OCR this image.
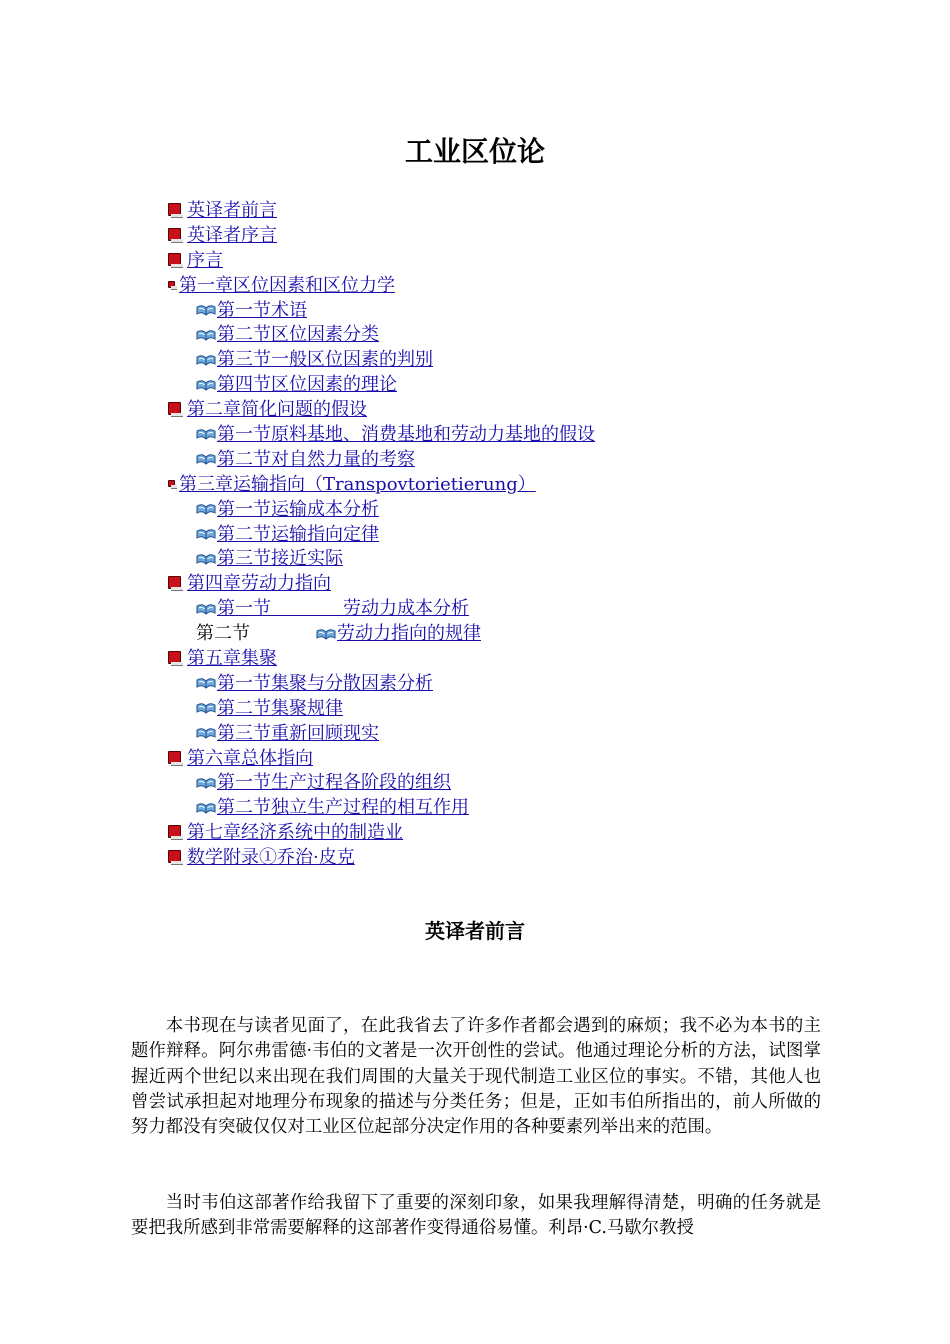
工业区位论
英译者前言
英译者序言
序言
第一章区位因素和区位力学
第一节术语
第二节区位因素分类
第三节一般区位因素的判别
第四节区位因素的理论
第二章简化问题的假设
第一节原料基地、消费基地和劳动力基地的假设
第二节对自然力量的考察
第三章运输指向（Transpovtorietierung）
第一节运输成本分析
第二节运输指向定律
第三节接近实际
第四章劳动力指向
第一节　　　　劳动力成本分析
第二节	劳动力指向的规律
第五章集聚
第一节集聚与分散因素分析
第二节集聚规律
第三节重新回顾现实
第六章总体指向
第一节生产过程各阶段的组织
第二节独立生产过程的相互作用
第七章经济系统中的制造业
数学附录①乔治·皮克
英译者前言

本书现在与读者见面了，在此我省去了许多作者都会遇到的麻烦；我不必为本书的主题作辩释。阿尔弗雷德·韦伯的文著是一次开创性的尝试。他通过理论分析的方法，试图掌握近两个世纪以来出现在我们周围的大量关于现代制造工业区位的事实。不错，其他人也曾尝试承担起对地理分布现象的描述与分类任务；但是，正如韦伯所指出的，前人所做的努力都没有突破仅仅对工业区位起部分决定作用的各种要素列举出来的范围。

当时韦伯这部著作给我留下了重要的深刻印象，如果我理解得清楚，明确的任务就是要把我所感到非常需要解释的这部著作变得通俗易懂。利昂·C.马歇尔教授
